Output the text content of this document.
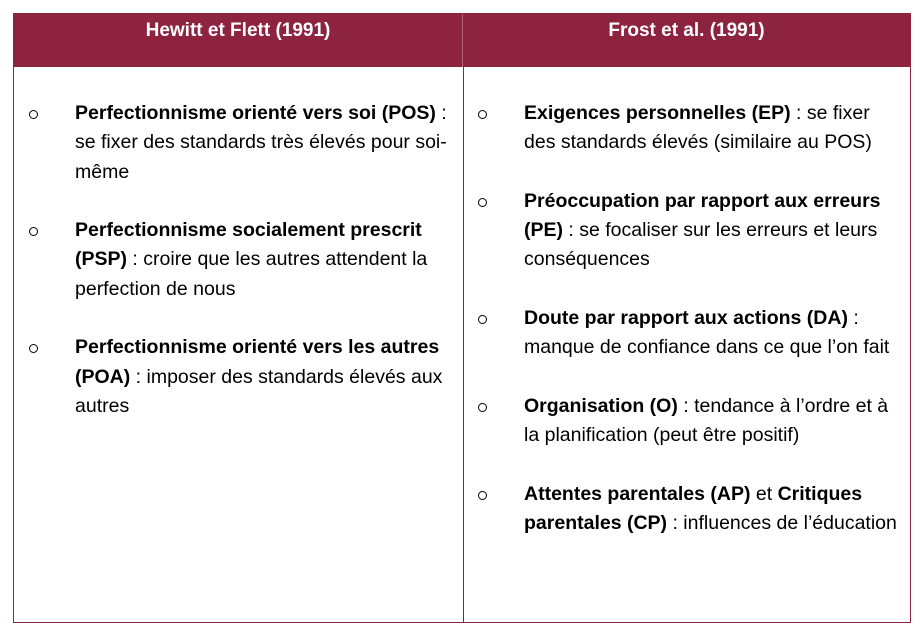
Hewitt et Flett (1991)	Frost et al. (1991)
Perfectionnisme orienté vers soi (POS) : se fixer des standards très élevés pour soi-même
Perfectionnisme socialement prescrit (PSP) : croire que les autres attendent la perfection de nous
Perfectionnisme orienté vers les autres (POA) : imposer des standards élevés aux autres
Exigences personnelles (EP) : se fixer des standards élevés (similaire au POS)
Préoccupation par rapport aux erreurs (PE) : se focaliser sur les erreurs et leurs conséquences
Doute par rapport aux actions (DA) : manque de confiance dans ce que l’on fait
Organisation (O) : tendance à l’ordre et à la planification (peut être positif)
Attentes parentales (AP) et Critiques parentales (CP) : influences de l’éducation
